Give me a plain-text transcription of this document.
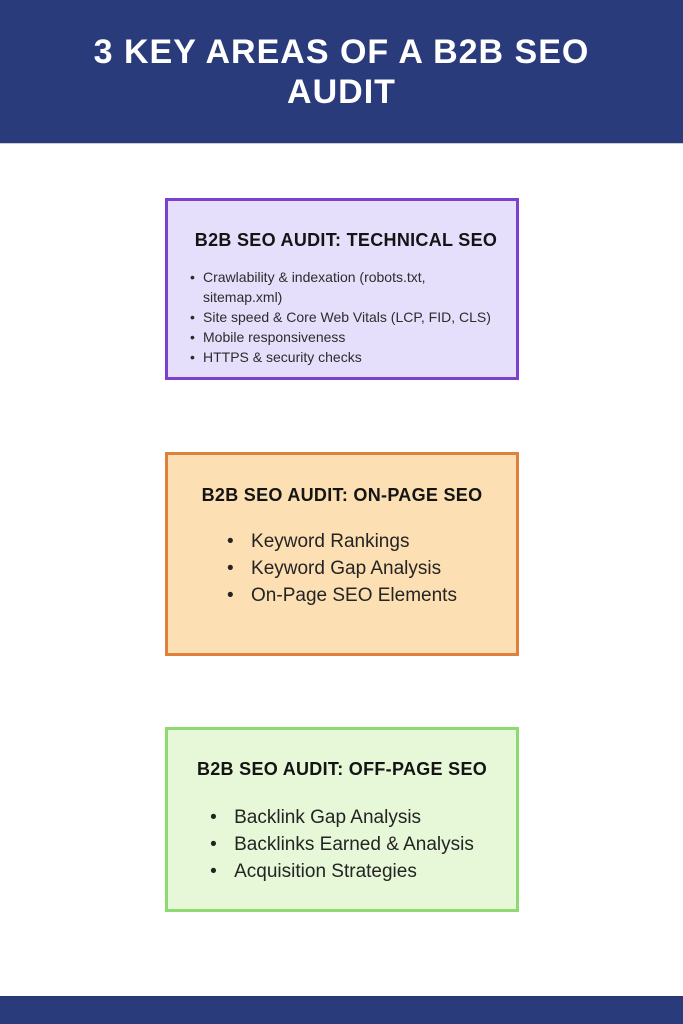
3 KEY AREAS OF A B2B SEO
AUDIT
B2B SEO AUDIT: TECHNICAL SEO
• Crawlability & indexation (robots.txt, sitemap.xml)
• Site speed & Core Web Vitals (LCP, FID, CLS)
• Mobile responsiveness
• HTTPS & security checks
B2B SEO AUDIT: ON-PAGE SEO
• Keyword Rankings
• Keyword Gap Analysis
• On-Page SEO Elements
B2B SEO AUDIT: OFF-PAGE SEO
• Backlink Gap Analysis
• Backlinks Earned & Analysis
• Acquisition Strategies
